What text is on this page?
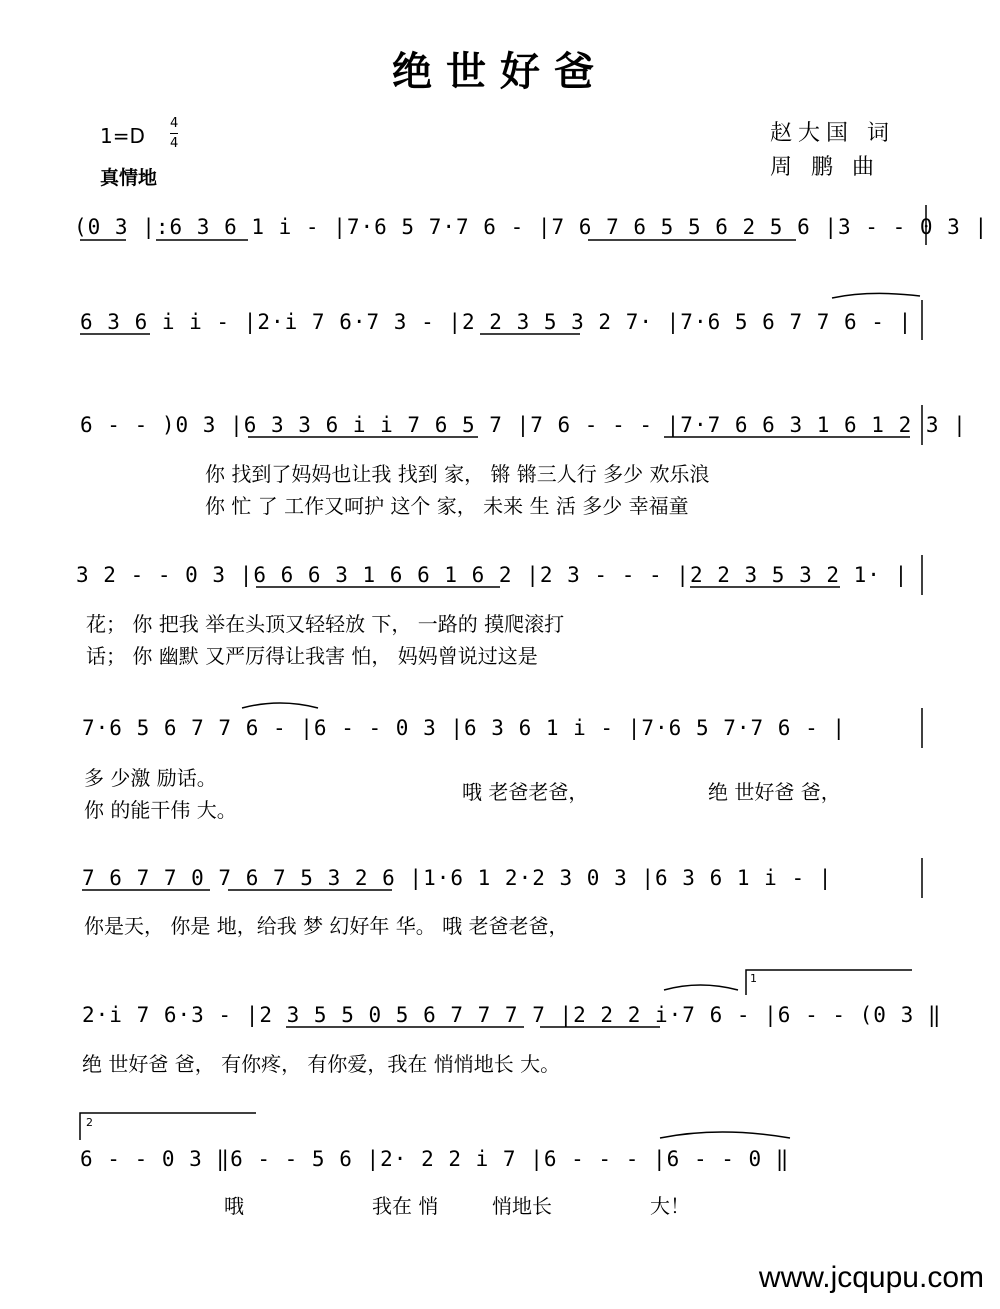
绝世好爸
1=D
4
4
真情地
赵大国 词
周 鹏 曲
(0 3 |:6 3 6 1 i - |7·6 5 7·7 6 - |7 6 7 6 5 5 6 2 5 6 |3 - - 0 3 |
6 3 6 i i - |2·i 7 6·7 3 - |2 2 3 5 3 2 7· |7·6 5 6 7 7 6 - |
6 - - )0 3 |6 3 3 6 i i 7 6 5 7 |7 6 - - - |7·7 6 6 3 1 6 1 2 3 |
3 2 - - 0 3 |6 6 6 3 1 6 6 1 6 2 |2 3 - - - |2 2 3 5 3 2 1· |
7·6 5 6 7 7 6 - |6 - - 0 3 |6 3 6 1 i - |7·6 5 7·7 6 - |
7 6 7 7 0 7 6 7 5 3 2 6 |1·6 1 2·2 3 0 3 |6 3 6 1 i - |
2·i 7 6·3 - |2 3 5 5 0 5 6 7 7 7 7 |2 2 2 i·7 6 - |6 - - (0 3 ‖
6 - - 0 3 ‖6 - - 5 6 |2· 2 2 i 7 |6 - - - |6 - - 0 ‖
你 找到了妈妈也让我 找到 家， 锵 锵三人行 多少 欢乐浪
你 忙 了 工作又呵护 这个 家， 未来 生 活 多少 幸福童
花； 你 把我 举在头顶又轻轻放 下， 一路的 摸爬滚打
话； 你 幽默 又严厉得让我害 怕， 妈妈曾说过这是
多 少激 励话。
你 的能干伟 大。
哦 老爸老爸，	绝 世好爸 爸，
你是天， 你是 地，给我 梦 幻好年 华。 哦 老爸老爸，
绝 世好爸 爸， 有你疼， 有你爱，我在 悄悄地长 大。
哦	我在 悄	悄地长	大！
1
2
www.jcqupu.com
